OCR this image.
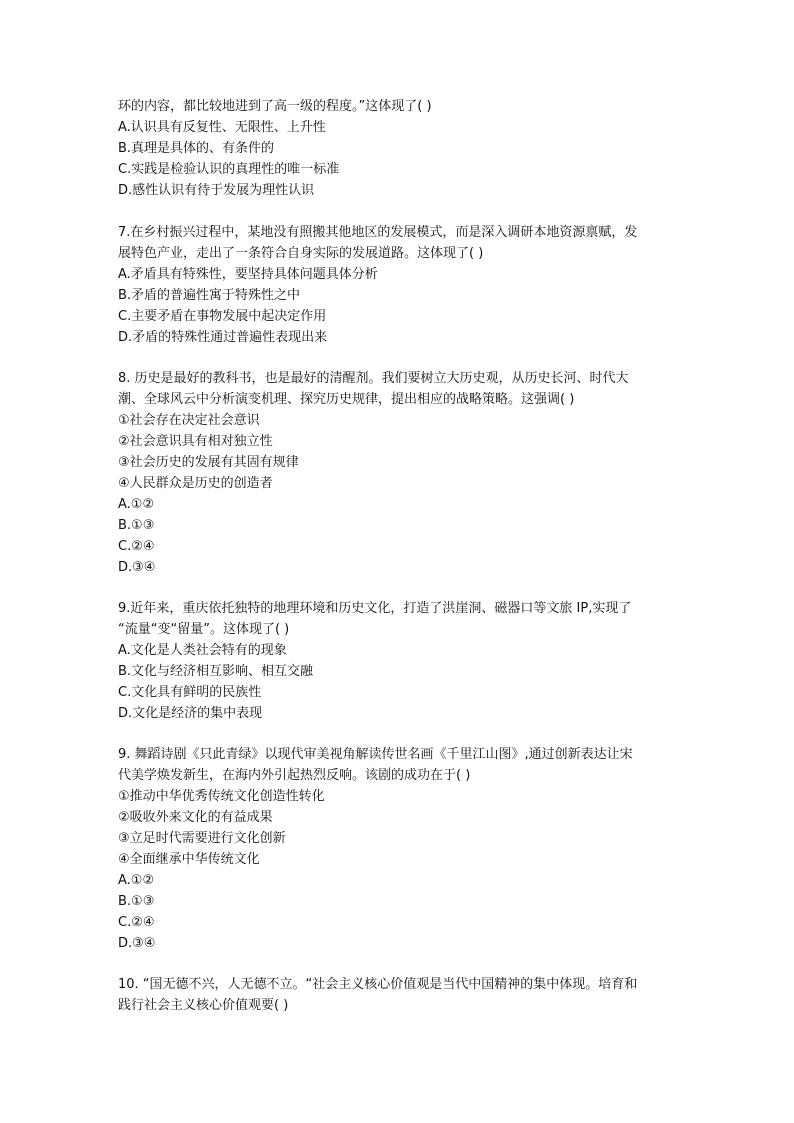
环的内容，都比较地进到了高一级的程度。”这体现了( )
A.认识具有反复性、无限性、上升性
B.真理是具体的、有条件的
C.实践是检验认识的真理性的唯一标准
D.感性认识有待于发展为理性认识
7.在乡村振兴过程中，某地没有照搬其他地区的发展模式，而是深入调研本地资源禀赋，发
展特色产业，走出了一条符合自身实际的发展道路。这体现了( )
A.矛盾具有特殊性，要坚持具体问题具体分析
B.矛盾的普遍性寓于特殊性之中
C.主要矛盾在事物发展中起决定作用
D.矛盾的特殊性通过普遍性表现出来
8. 历史是最好的教科书，也是最好的清醒剂。我们要树立大历史观，从历史长河、时代大
潮、全球风云中分析演变机理、探究历史规律，提出相应的战略策略。这强调( )
①社会存在决定社会意识
②社会意识具有相对独立性
③社会历史的发展有其固有规律
④人民群众是历史的创造者
A.①②
B.①③
C.②④
D.③④
9.近年来，重庆依托独特的地理环境和历史文化，打造了洪崖洞、磁器口等文旅 IP,实现了
“流量“变“留量”。这体现了( )
A.文化是人类社会特有的现象
B.文化与经济相互影响、相互交融
C.文化具有鲜明的民族性
D.文化是经济的集中表现
9. 舞蹈诗剧《只此青绿》以现代审美视角解读传世名画《千里江山图》,通过创新表达让宋
代美学焕发新生，在海内外引起热烈反响。该剧的成功在于( )
①推动中华优秀传统文化创造性转化
②吸收外来文化的有益成果
③立足时代需要进行文化创新
④全面继承中华传统文化
A.①②
B.①③
C.②④
D.③④
10. “国无德不兴，人无德不立。“社会主义核心价值观是当代中国精神的集中体现。培育和
践行社会主义核心价值观要( )
